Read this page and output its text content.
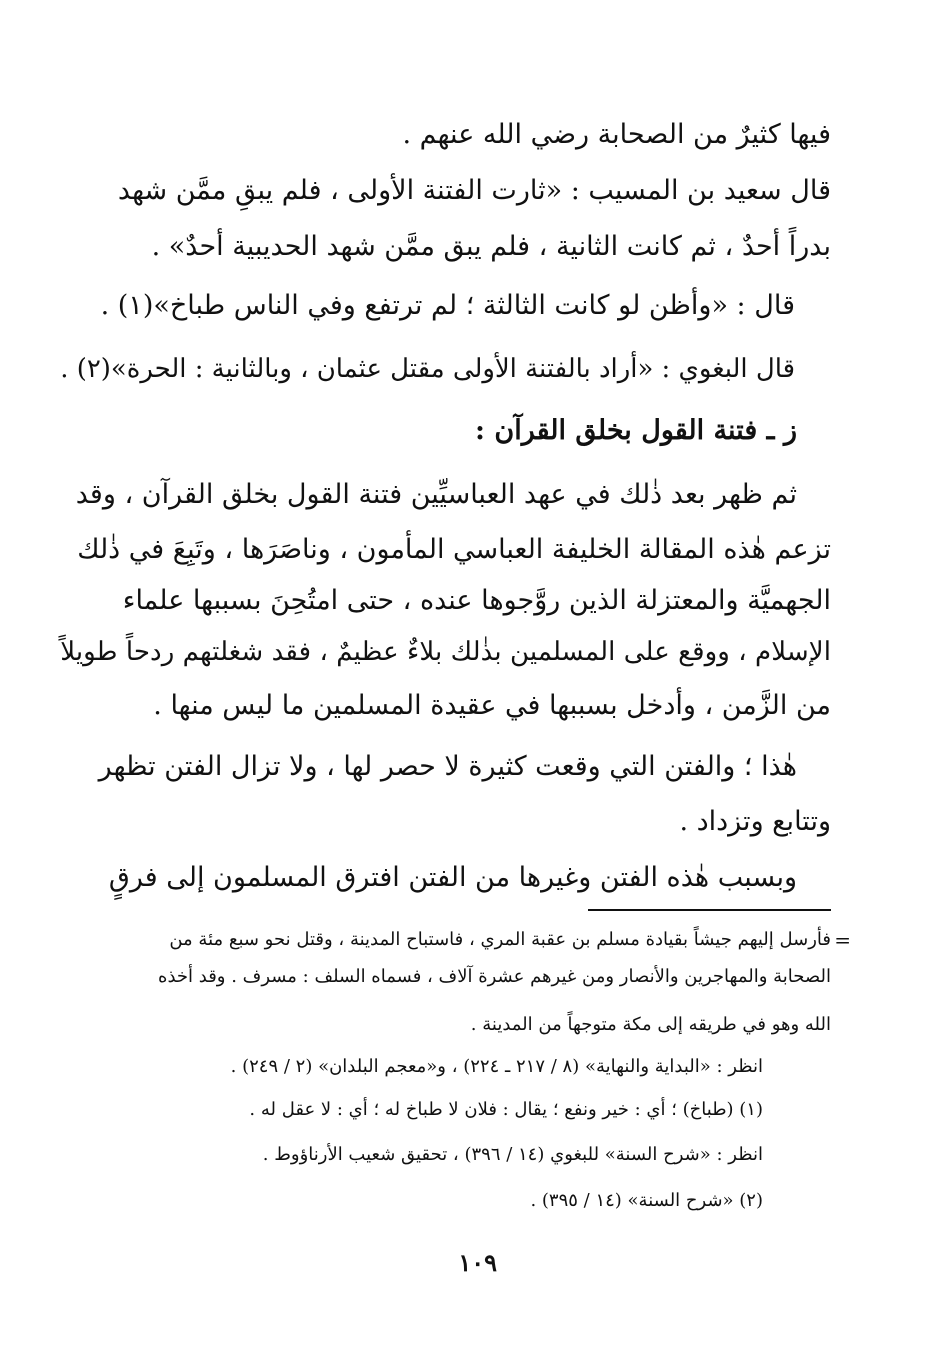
فيها كثيرٌ من الصحابة رضي الله عنهم .
قال سعيد بن المسيب : «ثارت الفتنة الأولى ، فلم يبقِ ممَّن شهد
بدراً أحدٌ ، ثم كانت الثانية ، فلم يبق ممَّن شهد الحديبية أحدٌ» .
قال : «وأظن لو كانت الثالثة ؛ لم ترتفع وفي الناس طباخ»(١) .
قال البغوي : «أراد بالفتنة الأولى مقتل عثمان ، وبالثانية : الحرة»(٢) .
ز ـ فتنة القول بخلق القرآن :
ثم ظهر بعد ذٰلك في عهد العباسيِّين فتنة القول بخلق القرآن ، وقد
تزعم هٰذه المقالة الخليفة العباسي المأمون ، وناصَرَها ، وتَبِعَ في ذٰلك
الجهميَّة والمعتزلة الذين روَّجوها عنده ، حتى امتُحِنَ بسببها علماء
الإسلام ، ووقع على المسلمين بذٰلك بلاءٌ عظيمٌ ، فقد شغلتهم ردحاً طويلاً
من الزَّمن ، وأدخل بسببها في عقيدة المسلمين ما ليس منها .
هٰذا ؛ والفتن التي وقعت كثيرة لا حصر لها ، ولا تزال الفتن تظهر
وتتابع وتزداد .
وبسبب هٰذه الفتن وغيرها من الفتن افترق المسلمون إلى فرقٍ
=
فأرسل إليهم جيشاً بقيادة مسلم بن عقبة المري ، فاستباح المدينة ، وقتل نحو سبع مئة من
الصحابة والمهاجرين والأنصار ومن غيرهم عشرة آلاف ، فسماه السلف : مسرف . وقد أخذه
الله وهو في طريقه إلى مكة متوجهاً من المدينة .
انظر : «البداية والنهاية» (٨ / ٢١٧ ـ ٢٢٤) ، و«معجم البلدان» (٢ / ٢٤٩) .
(١) (طباخ) ؛ أي : خير ونفع ؛ يقال : فلان لا طباخ له ؛ أي : لا عقل له .
انظر : «شرح السنة» للبغوي (١٤ / ٣٩٦) ، تحقيق شعيب الأرناؤوط .
(٢) «شرح السنة» (١٤ / ٣٩٥) .
١٠٩
